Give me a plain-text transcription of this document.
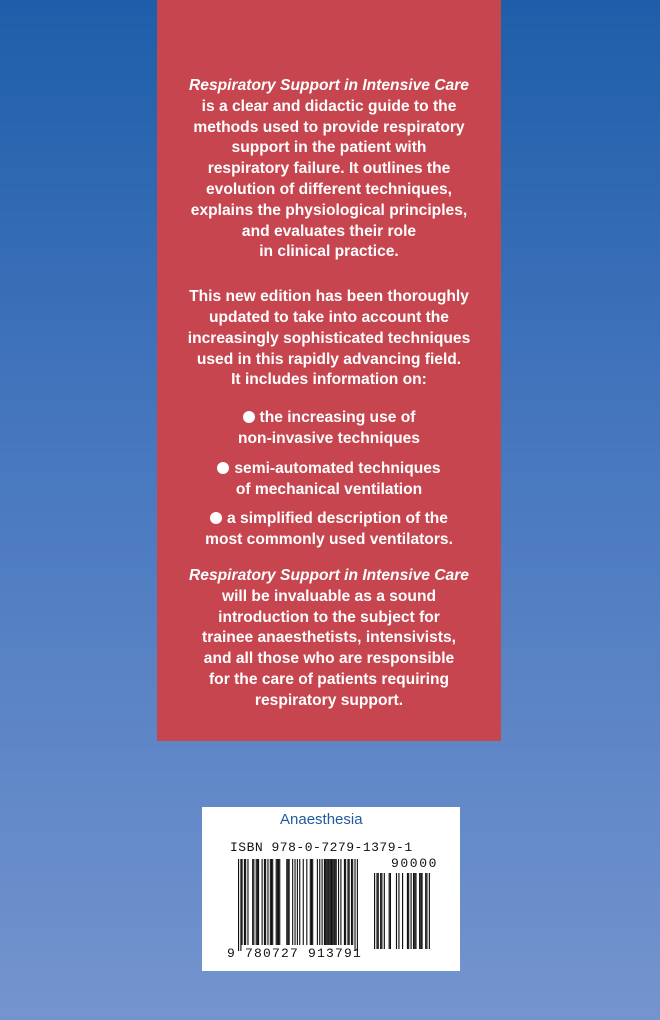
Respiratory Support in Intensive Care
is a clear and didactic guide to the
methods used to provide respiratory
support in the patient with
respiratory failure. It outlines the
evolution of different techniques,
explains the physiological principles,
and evaluates their role
in clinical practice.

This new edition has been thoroughly
updated to take into account the
increasingly sophisticated techniques
used in this rapidly advancing field.
It includes information on:

the increasing use of
non-invasive techniques
semi-automated techniques
of mechanical ventilation
a simplified description of the
most commonly used ventilators.

Respiratory Support in Intensive Care
will be invaluable as a sound
introduction to the subject for
trainee anaesthetists, intensivists,
and all those who are responsible
for the care of patients requiring
respiratory support.

Anaesthesia
ISBN 978-0-7279-1379-1
90000
9 780727 913791
